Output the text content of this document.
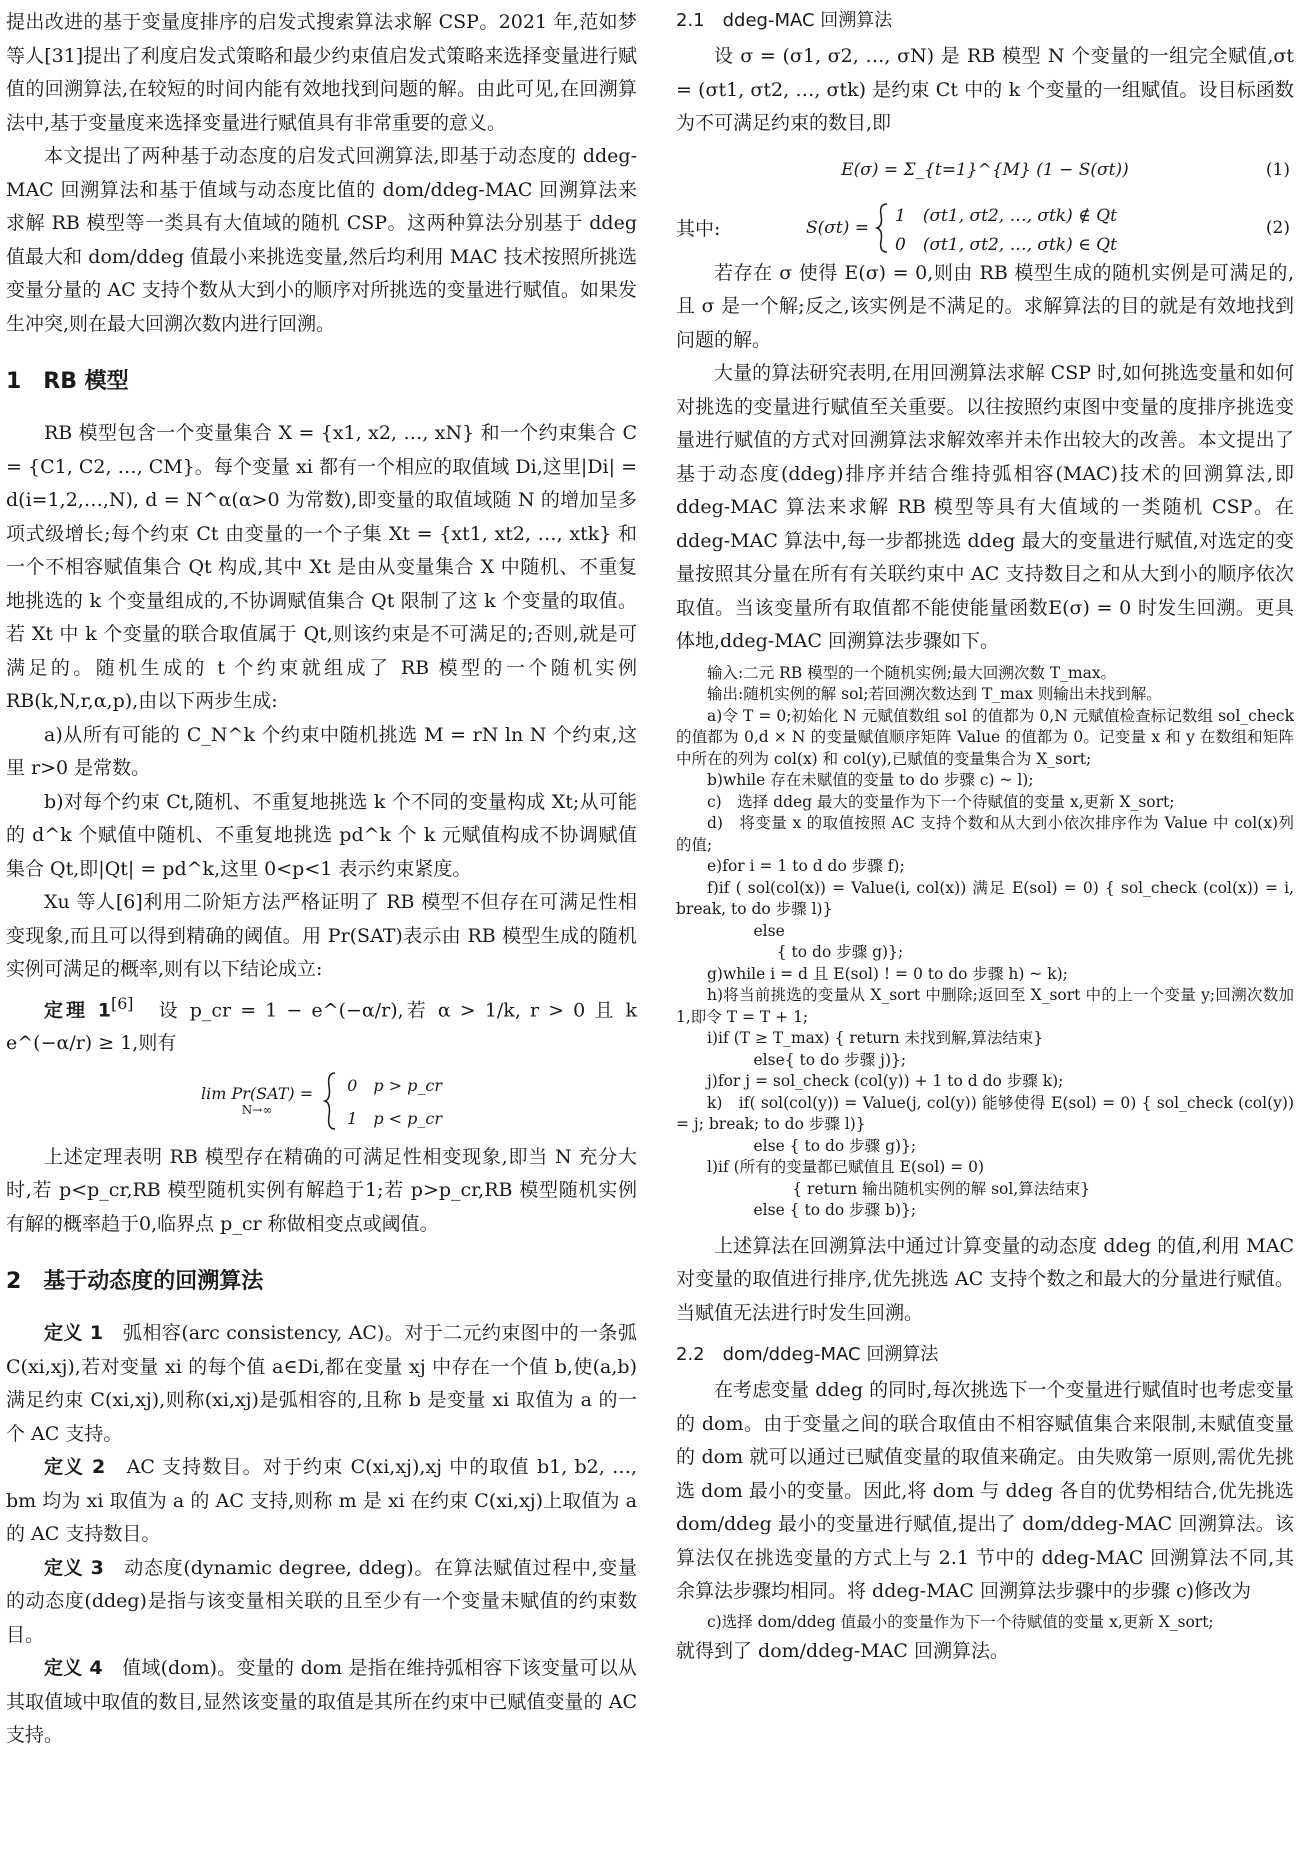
提出改进的基于变量度排序的启发式搜索算法求解 CSP。2021 年,范如梦等人[31]提出了利度启发式策略和最少约束值启发式策略来选择变量进行赋值的回溯算法,在较短的时间内能有效地找到问题的解。由此可见,在回溯算法中,基于变量度来选择变量进行赋值具有非常重要的意义。

本文提出了两种基于动态度的启发式回溯算法,即基于动态度的 ddeg-MAC 回溯算法和基于值域与动态度比值的 dom/ddeg-MAC 回溯算法来求解 RB 模型等一类具有大值域的随机 CSP。这两种算法分别基于 ddeg 值最大和 dom/ddeg 值最小来挑选变量,然后均利用 MAC 技术按照所挑选变量分量的 AC 支持个数从大到小的顺序对所挑选的变量进行赋值。如果发生冲突,则在最大回溯次数内进行回溯。

1　RB 模型

RB 模型包含一个变量集合 X = {x1, x2, …, xN} 和一个约束集合 C = {C1, C2, …, CM}。每个变量 xi 都有一个相应的取值域 Di,这里|Di| = d(i=1,2,…,N), d = N^α(α>0 为常数),即变量的取值域随 N 的增加呈多项式级增长;每个约束 Ct 由变量的一个子集 Xt = {xt1, xt2, …, xtk} 和一个不相容赋值集合 Qt 构成,其中 Xt 是由从变量集合 X 中随机、不重复地挑选的 k 个变量组成的,不协调赋值集合 Qt 限制了这 k 个变量的取值。若 Xt 中 k 个变量的联合取值属于 Qt,则该约束是不可满足的;否则,就是可满足的。随机生成的 t 个约束就组成了 RB 模型的一个随机实例 RB(k,N,r,α,p),由以下两步生成:

a)从所有可能的 C_N^k 个约束中随机挑选 M = rN ln N 个约束,这里 r>0 是常数。

b)对每个约束 Ct,随机、不重复地挑选 k 个不同的变量构成 Xt;从可能的 d^k 个赋值中随机、不重复地挑选 pd^k 个 k 元赋值构成不协调赋值集合 Qt,即|Qt| = pd^k,这里 0<p<1 表示约束紧度。

Xu 等人[6]利用二阶矩方法严格证明了 RB 模型不但存在可满足性相变现象,而且可以得到精确的阈值。用 Pr(SAT)表示由 RB 模型生成的随机实例可满足的概率,则有以下结论成立:

定理 1[6]　 设 p_cr = 1 − e^(−α/r),若 α > 1/k, r > 0 且 k e^(−α/r) ≥ 1,则有

lim Pr(SAT) =
N→∞
0　p > p_cr
1　p < p_cr

上述定理表明 RB 模型存在精确的可满足性相变现象,即当 N 充分大时,若 p<p_cr,RB 模型随机实例有解趋于1;若 p>p_cr,RB 模型随机实例有解的概率趋于0,临界点 p_cr 称做相变点或阈值。

2　基于动态度的回溯算法

定义 1　 弧相容(arc consistency, AC)。对于二元约束图中的一条弧 C(xi,xj),若对变量 xi 的每个值 a∈Di,都在变量 xj 中存在一个值 b,使(a,b)满足约束 C(xi,xj),则称(xi,xj)是弧相容的,且称 b 是变量 xi 取值为 a 的一个 AC 支持。

定义 2　 AC 支持数目。对于约束 C(xi,xj),xj 中的取值 b1, b2, …, bm 均为 xi 取值为 a 的 AC 支持,则称 m 是 xi 在约束 C(xi,xj)上取值为 a 的 AC 支持数目。

定义 3　 动态度(dynamic degree, ddeg)。在算法赋值过程中,变量的动态度(ddeg)是指与该变量相关联的且至少有一个变量未赋值的约束数目。

定义 4　 值域(dom)。变量的 dom 是指在维持弧相容下该变量可以从其取值域中取值的数目,显然该变量的取值是其所在约束中已赋值变量的 AC 支持。

2.1　ddeg-MAC 回溯算法

设 σ = (σ1, σ2, …, σN) 是 RB 模型 N 个变量的一组完全赋值,σt = (σt1, σt2, …, σtk) 是约束 Ct 中的 k 个变量的一组赋值。设目标函数为不可满足约束的数目,即

E(σ) = Σ_{t=1}^{M} (1 − S(σt))	(1)
其中:	S(σt) =
1　(σt1, σt2, …, σtk) ∉ Qt
0　(σt1, σt2, …, σtk) ∈ Qt
(2)

若存在 σ 使得 E(σ) = 0,则由 RB 模型生成的随机实例是可满足的,且 σ 是一个解;反之,该实例是不满足的。求解算法的目的就是有效地找到问题的解。

大量的算法研究表明,在用回溯算法求解 CSP 时,如何挑选变量和如何对挑选的变量进行赋值至关重要。以往按照约束图中变量的度排序挑选变量进行赋值的方式对回溯算法求解效率并未作出较大的改善。本文提出了基于动态度(ddeg)排序并结合维持弧相容(MAC)技术的回溯算法,即 ddeg-MAC 算法来求解 RB 模型等具有大值域的一类随机 CSP。在 ddeg-MAC 算法中,每一步都挑选 ddeg 最大的变量进行赋值,对选定的变量按照其分量在所有有关联约束中 AC 支持数目之和从大到小的顺序依次取值。当该变量所有取值都不能使能量函数E(σ) = 0 时发生回溯。更具体地,ddeg-MAC 回溯算法步骤如下。

输入:二元 RB 模型的一个随机实例;最大回溯次数 T_max。
输出:随机实例的解 sol;若回溯次数达到 T_max 则输出未找到解。
a)令 T = 0;初始化 N 元赋值数组 sol 的值都为 0,N 元赋值检查标记数组 sol_check 的值都为 0,d × N 的变量赋值顺序矩阵 Value 的值都为 0。记变量 x 和 y 在数组和矩阵中所在的列为 col(x) 和 col(y),已赋值的变量集合为 X_sort;
b)while 存在未赋值的变量 to do 步骤 c) ~ l);
c)　选择 ddeg 最大的变量作为下一个待赋值的变量 x,更新 X_sort;
d)　将变量 x 的取值按照 AC 支持个数和从大到小依次排序作为 Value 中 col(x)列的值;
e)for i = 1 to d do 步骤 f);
f)if ( sol(col(x)) = Value(i, col(x)) 满足 E(sol) = 0) { sol_check (col(x)) = i, break, to do 步骤 l)}
else
{ to do 步骤 g)};
g)while i = d 且 E(sol) ! = 0 to do 步骤 h) ~ k);
h)将当前挑选的变量从 X_sort 中删除;返回至 X_sort 中的上一个变量 y;回溯次数加 1,即令 T = T + 1;
i)if (T ≥ T_max) { return 未找到解,算法结束}
else{ to do 步骤 j)};
j)for j = sol_check (col(y)) + 1 to d do 步骤 k);
k)　if( sol(col(y)) = Value(j, col(y)) 能够使得 E(sol) = 0) { sol_check (col(y)) = j; break; to do 步骤 l)}
else { to do 步骤 g)};
l)if (所有的变量都已赋值且 E(sol) = 0)
{ return 输出随机实例的解 sol,算法结束}
else { to do 步骤 b)};

上述算法在回溯算法中通过计算变量的动态度 ddeg 的值,利用 MAC 对变量的取值进行排序,优先挑选 AC 支持个数之和最大的分量进行赋值。当赋值无法进行时发生回溯。

2.2　dom/ddeg-MAC 回溯算法

在考虑变量 ddeg 的同时,每次挑选下一个变量进行赋值时也考虑变量的 dom。由于变量之间的联合取值由不相容赋值集合来限制,未赋值变量的 dom 就可以通过已赋值变量的取值来确定。由失败第一原则,需优先挑选 dom 最小的变量。因此,将 dom 与 ddeg 各自的优势相结合,优先挑选 dom/ddeg 最小的变量进行赋值,提出了 dom/ddeg-MAC 回溯算法。该算法仅在挑选变量的方式上与 2.1 节中的 ddeg-MAC 回溯算法不同,其余算法步骤均相同。将 ddeg-MAC 回溯算法步骤中的步骤 c)修改为

c)选择 dom/ddeg 值最小的变量作为下一个待赋值的变量 x,更新 X_sort;

就得到了 dom/ddeg-MAC 回溯算法。
